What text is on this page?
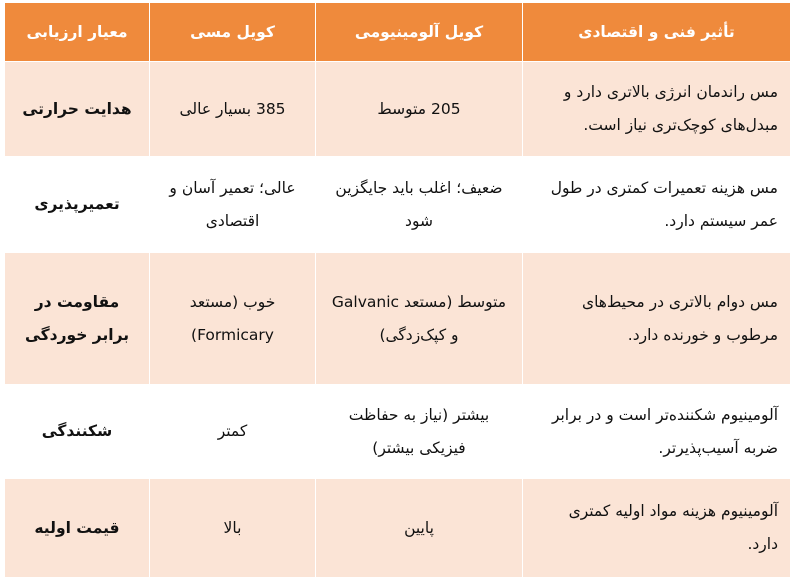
تأثیر فنی و اقتصادی	کویل آلومینیومی	کویل مسی	معیار ارزیابی
مس راندمان انرژی بالاتری دارد و مبدل‌های کوچک‌تری نیاز است.	205 متوسط	385 بسیار عالی	هدایت حرارتی
مس هزینه تعمیرات کمتری در طول عمر سیستم دارد.	ضعیف؛ اغلب باید جایگزین شود	عالی؛ تعمیر آسان و اقتصادی	تعمیرپذیری
مس دوام بالاتری در محیط‌های مرطوب و خورنده دارد.	متوسط (مستعد Galvanic و کپک‌زدگی)	خوب (مستعد Formicary)	مقاومت در برابر خوردگی
آلومینیوم شکننده‌تر است و در برابر ضربه آسیب‌پذیرتر.	بیشتر (نیاز به حفاظت فیزیکی بیشتر)	کمتر	شکنندگی
آلومینیوم هزینه مواد اولیه کمتری دارد.	پایین	بالا	قیمت اولیه
